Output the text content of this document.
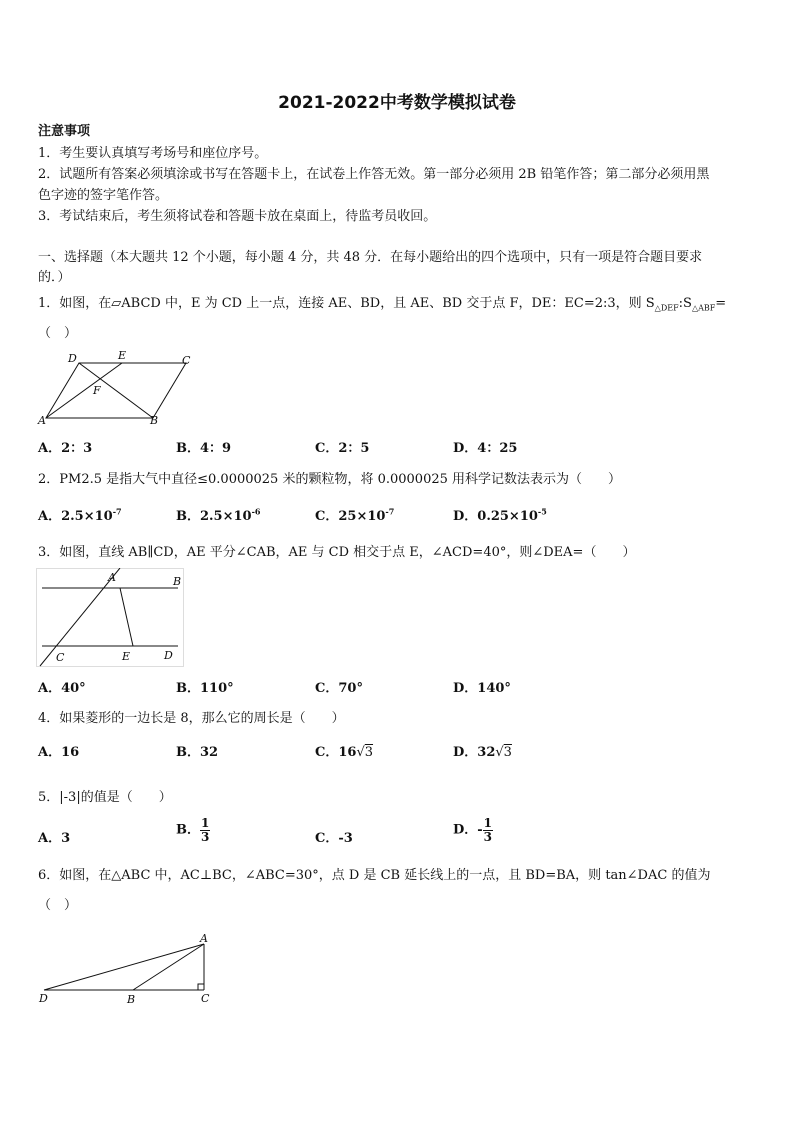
2021-2022中考数学模拟试卷
注意事项
1．考生要认真填写考场号和座位序号。
2．试题所有答案必须填涂或书写在答题卡上，在试卷上作答无效。第一部分必须用 2B 铅笔作答；第二部分必须用黑
色字迹的签字笔作答。
3．考试结束后，考生须将试卷和答题卡放在桌面上，待监考员收回。
一、选择题（本大题共 12 个小题，每小题 4 分，共 48 分．在每小题给出的四个选项中，只有一项是符合题目要求
的．）
1．如图，在▱ABCD 中，E 为 CD 上一点，连接 AE、BD，且 AE、BD 交于点 F，DE：EC=2:3，则 $S_{\triangle DEF}:S_{\triangle ABF}=$
（　）
A	B
C
D	E
F
A．2：3	B．4：9	C．2：5	D．4：25
2．PM2.5 是指大气中直径≤0.0000025 米的颗粒物，将 0.0000025 用科学记数法表示为（　　）
A．$2.5\times 10^{-7}$	B．$2.5\times 10^{-6}$	C．$25\times 10^{-7}$	D．$0.25\times 10^{-5}$
3．如图，直线 AB∥CD，AE 平分∠CAB，AE 与 CD 相交于点 E，∠ACD=40°，则∠DEA=（　　）
A	B
C	D
E
A．40°	B．110°	C．70°	D．140°
4．如果菱形的一边长是 8，那么它的周长是（　　）
A．16	B．32	C．16√3	D．32√3
5．|-3|的值是（　　）
A．3
B． $\frac{1}{3}$	C．-3
D．- $\frac{1}{3}$
6．如图，在△ABC 中，AC⊥BC，∠ABC=30°，点 D 是 CB 延长线上的一点，且 BD=BA，则 tan∠DAC 的值为
（　）
A
B	C
D
